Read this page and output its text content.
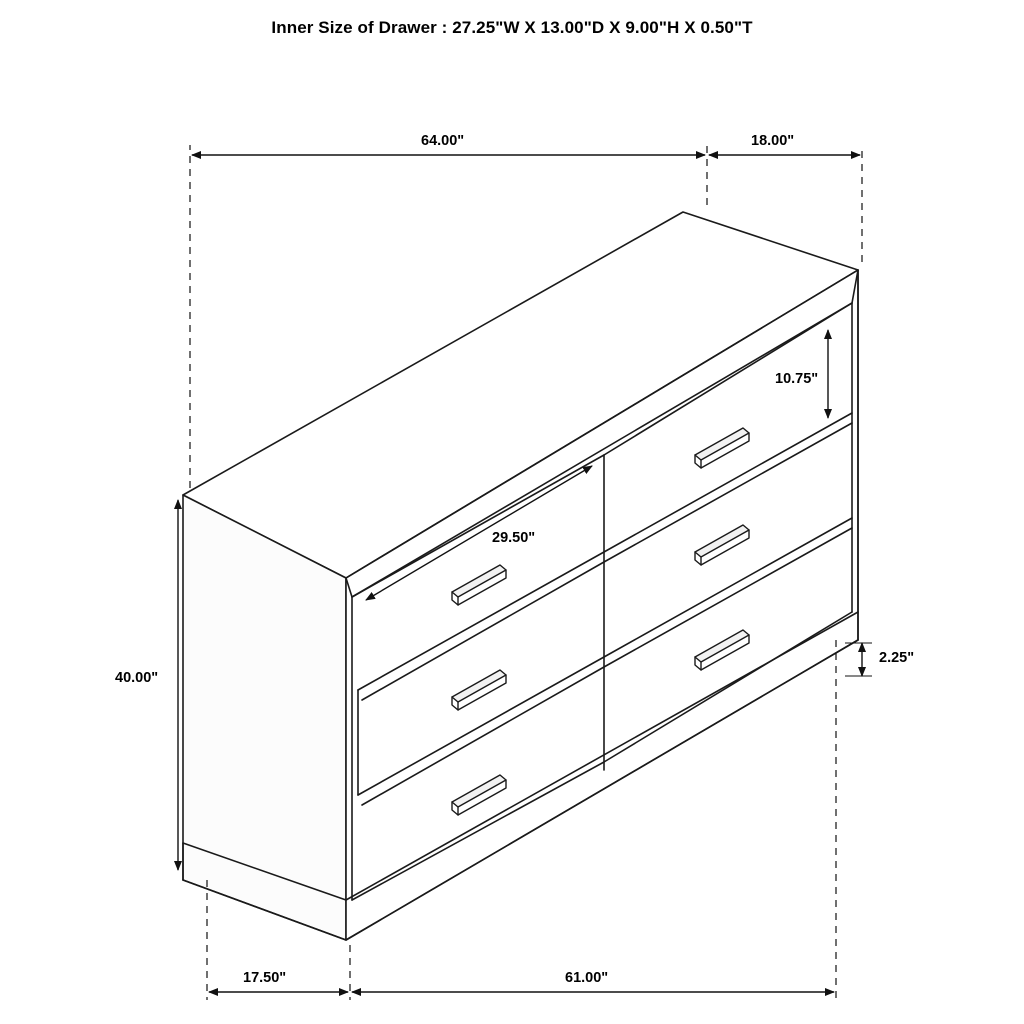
Inner Size of Drawer : 27.25"W X 13.00"D X 9.00"H X 0.50"T
64.00"	18.00"
40.00"
10.75"
29.50"
2.25"
17.50"	61.00"
